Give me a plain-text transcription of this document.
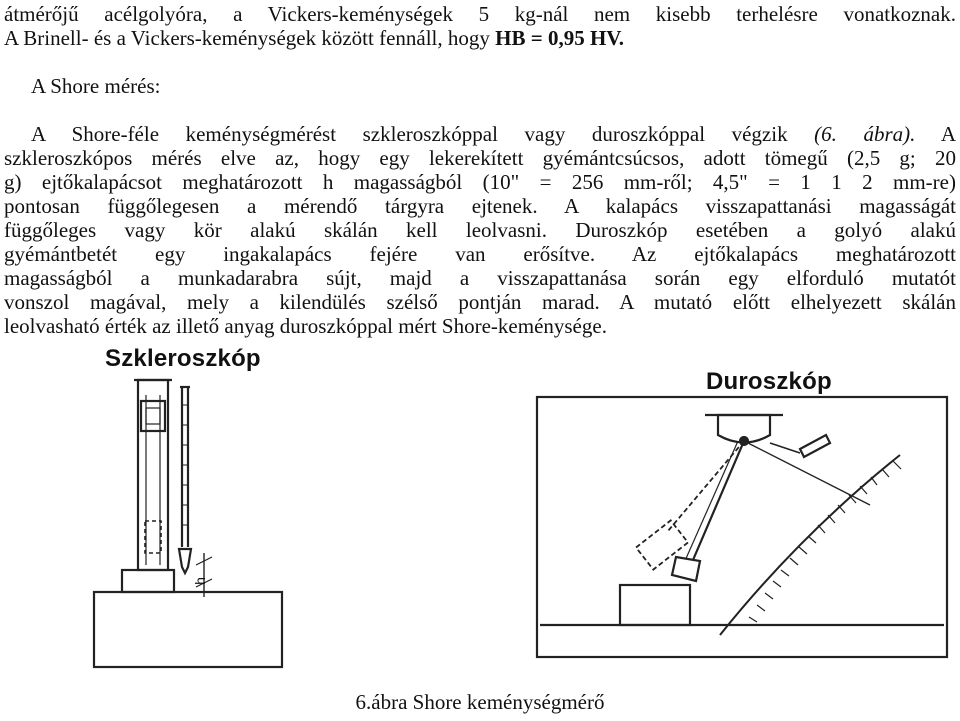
átmérőjű acélgolyóra, a Vickers-keménységek 5 kg-nál nem kisebb terhelésre vonatkoznak.
A Brinell- és a Vickers-keménységek között fennáll, hogy HB = 0,95 HV.
A Shore mérés:
A Shore-féle keménységmérést szkleroszkóppal vagy duroszkóppal végzik (6. ábra). A
szkleroszkópos mérés elve az, hogy egy lekerekített gyémántcsúcsos, adott tömegű (2,5 g; 20
g) ejtőkalapácsot meghatározott h magasságból (10" = 256 mm-ről; 4,5" = 1 1 2 mm-re)
pontosan függőlegesen a mérendő tárgyra ejtenek. A kalapács visszapattanási magasságát
függőleges vagy kör alakú skálán kell leolvasni. Duroszkóp esetében a golyó alakú
gyémántbetét egy ingakalapács fejére van erősítve. Az ejtőkalapács meghatározott
magasságból a munkadarabra sújt, majd a visszapattanása során egy elforduló mutatót
vonszol magával, mely a kilendülés szélső pontján marad. A mutató előtt elhelyezett skálán
leolvasható érték az illető anyag duroszkóppal mért Shore-keménysége.
Szkleroszkóp
Duroszkóp
h
6.ábra Shore keménységmérő
